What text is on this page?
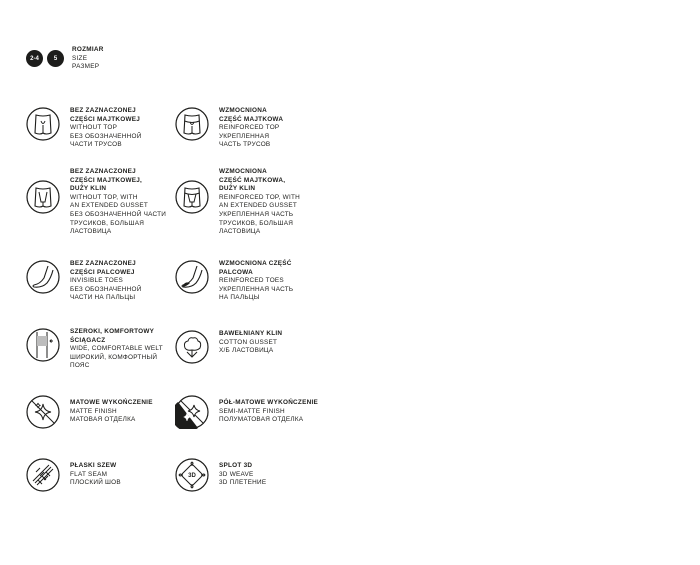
2-4	5
ROZMIAR
SIZE
РАЗМЕР
BEZ ZAZNACZONEJ
CZĘŚCI MAJTKOWEJ
WITHOUT TOP
БЕЗ ОБОЗНАЧЕННОЙ
ЧАСТИ ТРУСОВ
WZMOCNIONA
CZĘŚĆ MAJTKOWA
REINFORCED TOP
УКРЕПЛЕННАЯ
ЧАСТЬ ТРУСОВ
BEZ ZAZNACZONEJ
CZĘŚCI MAJTKOWEJ,
DUŻY KLIN
WITHOUT TOP, WITH
AN EXTENDED GUSSET
БЕЗ ОБОЗНАЧЕННОЙ ЧАСТИ
ТРУСИКОВ, БОЛЬШАЯ
ЛАСТОВИЦА
WZMOCNIONA
CZĘŚĆ MAJTKOWA,
DUŻY KLIN
REINFORCED TOP, WITH
AN EXTENDED GUSSET
УКРЕПЛЕННАЯ ЧАСТЬ
ТРУСИКОВ, БОЛЬШАЯ
ЛАСТОВИЦА
BEZ ZAZNACZONEJ
CZĘŚCI PALCOWEJ
INVISIBLE TOES
БЕЗ ОБОЗНАЧЕННОЙ
ЧАСТИ НА ПАЛЬЦЫ
WZMOCNIONA CZĘŚĆ
PALCOWA
REINFORCED TOES
УКРЕПЛЕННАЯ ЧАСТЬ
НА ПАЛЬЦЫ
SZEROKI, KOMFORTOWY
ŚCIĄGACZ
WIDE, COMFORTABLE WELT
ШИРОКИЙ, КОМФОРТНЫЙ
ПОЯС
BAWEŁNIANY KLIN
COTTON GUSSET
Х/Б ЛАСТОВИЦА
MATOWE WYKOŃCZENIE
MATTE FINISH
МАТОВАЯ ОТДЕЛКА
PÓŁ-MATOWE WYKOŃCZENIE
SEMI-MATTE FINISH
ПОЛУМАТОВАЯ ОТДЕЛКА
PŁASKI SZEW
FLAT SEAM
ПЛОСКИЙ ШОВ
3D
SPLOT 3D
3D WEAVE
3D ПЛЕТЕНИЕ
